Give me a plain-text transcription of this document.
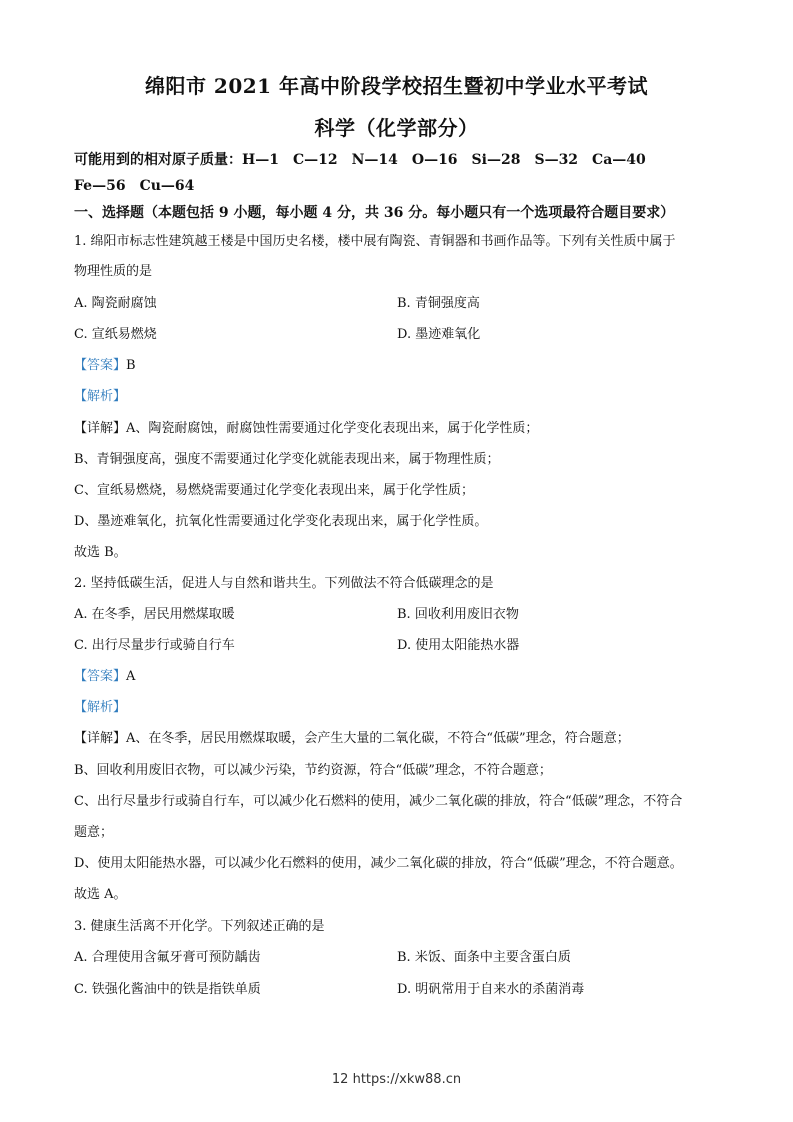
绵阳市 2021 年高中阶段学校招生暨初中学业水平考试
科学（化学部分）
可能用到的相对原子质量：H—1　C—12　N—14　O—16　Si—28　S—32　Ca—40
Fe—56　Cu—64
一、选择题（本题包括 9 小题，每小题 4 分，共 36 分。每小题只有一个选项最符合题目要求）
1. 绵阳市标志性建筑越王楼是中国历史名楼，楼中展有陶瓷、青铜器和书画作品等。下列有关性质中属于
物理性质的是
A. 陶瓷耐腐蚀	B. 青铜强度高
C. 宣纸易燃烧	D. 墨迹难氧化
【答案】B
【解析】
【详解】A、陶瓷耐腐蚀，耐腐蚀性需要通过化学变化表现出来，属于化学性质；
B、青铜强度高，强度不需要通过化学变化就能表现出来，属于物理性质；
C、宣纸易燃烧，易燃烧需要通过化学变化表现出来，属于化学性质；
D、墨迹难氧化，抗氧化性需要通过化学变化表现出来，属于化学性质。
故选 B。
2. 坚持低碳生活，促进人与自然和谐共生。下列做法不符合低碳理念的是
A. 在冬季，居民用燃煤取暖	B. 回收利用废旧衣物
C. 出行尽量步行或骑自行车	D. 使用太阳能热水器
【答案】A
【解析】
【详解】A、在冬季，居民用燃煤取暖，会产生大量的二氧化碳，不符合“低碳”理念，符合题意；
B、回收利用废旧衣物，可以减少污染，节约资源，符合“低碳”理念，不符合题意；
C、出行尽量步行或骑自行车，可以减少化石燃料的使用，减少二氧化碳的排放，符合“低碳”理念，不符合
题意；
D、使用太阳能热水器，可以减少化石燃料的使用，减少二氧化碳的排放，符合“低碳”理念，不符合题意。
故选 A。
3. 健康生活离不开化学。下列叙述正确的是
A. 合理使用含氟牙膏可预防龋齿	B. 米饭、面条中主要含蛋白质
C. 铁强化酱油中的铁是指铁单质	D. 明矾常用于自来水的杀菌消毒
12 https://xkw88.cn
